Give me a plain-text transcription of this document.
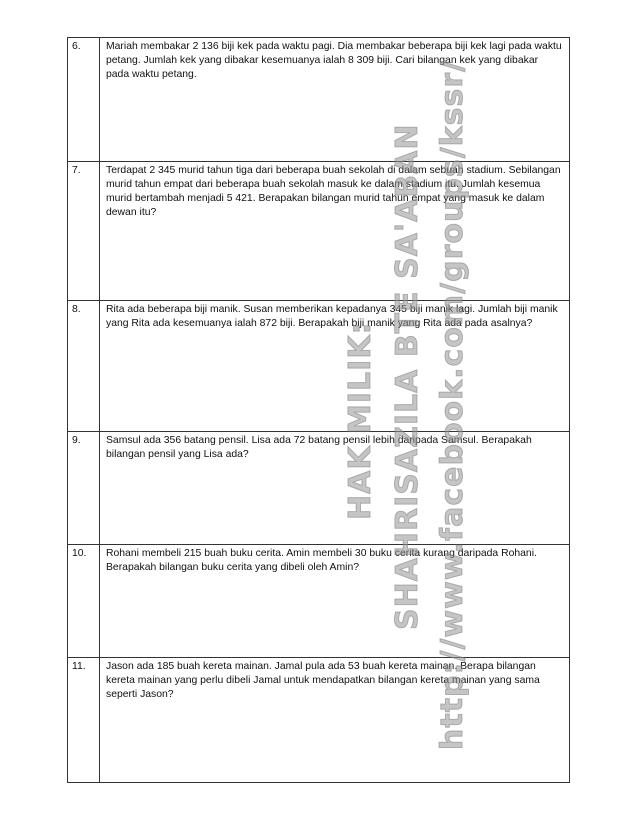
6.	Mariah membakar 2 136 biji kek pada waktu pagi. Dia membakar beberapa biji kek lagi pada waktu petang. Jumlah kek yang dibakar kesemuanya ialah 8 309 biji. Cari bilangan kek yang dibakar pada waktu petang.
7.	Terdapat 2 345 murid tahun tiga dari beberapa buah sekolah di dalam sebuah stadium. Sebilangan murid tahun empat dari beberapa buah sekolah masuk ke dalam stadium itu. Jumlah kesemua murid bertambah menjadi 5 421. Berapakan bilangan murid tahun empat yang masuk ke dalam dewan itu?
8.	Rita ada beberapa biji manik. Susan memberikan kepadanya 345 biji manik lagi. Jumlah biji manik yang Rita ada kesemuanya ialah 872 biji. Berapakah biji manik yang Rita ada pada asalnya?
9.	Samsul ada 356 batang pensil. Lisa ada 72 batang pensil lebih daripada Samsul. Berapakah bilangan pensil yang Lisa ada?
10.	Rohani membeli 215 buah buku cerita. Amin membeli 30 buku cerita kurang daripada Rohani. Berapakah bilangan buku cerita yang dibeli oleh Amin?
11.	Jason ada 185 buah kereta mainan. Jamal pula ada 53 buah kereta mainan. Berapa bilangan kereta mainan yang perlu dibeli Jamal untuk mendapatkan bilangan kereta mainan yang sama seperti Jason?
HAK MILIK: SHAHRISAZILA BTE SA'ABAN http://www.facebook.com/groups/kssr/
